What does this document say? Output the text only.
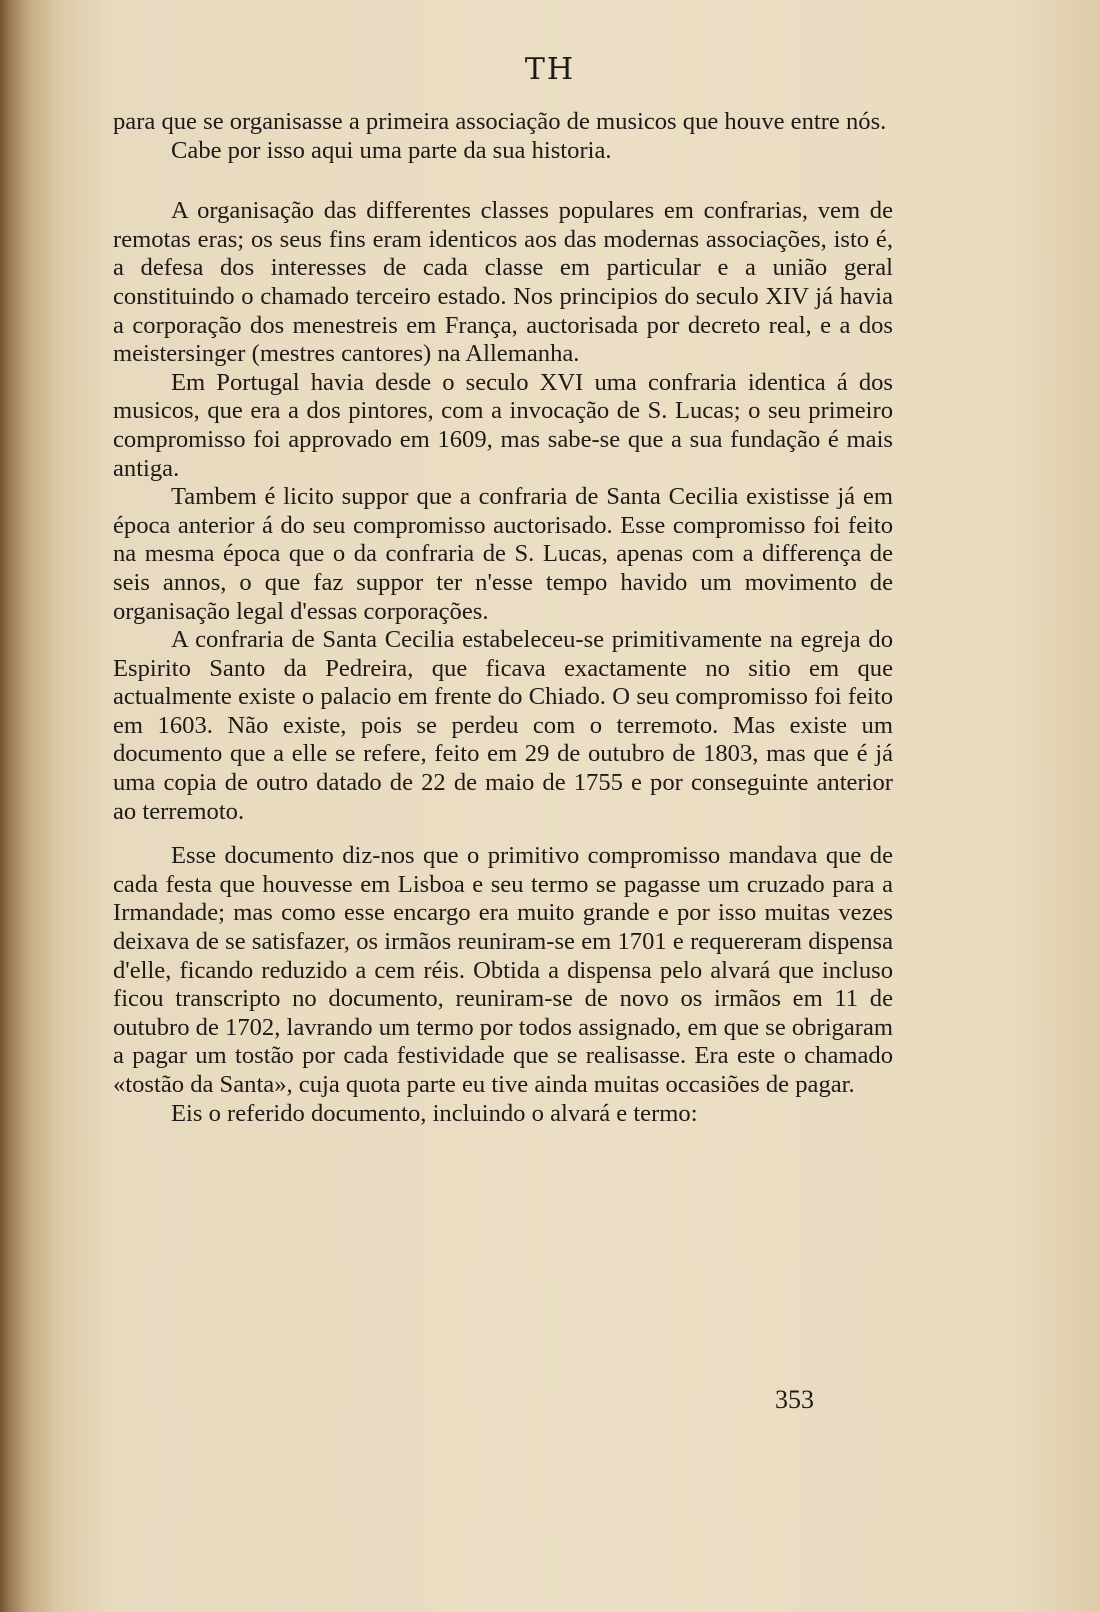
TH

para que se organisasse a primeira associação de musicos que houve entre nós.

Cabe por isso aqui uma parte da sua historia.

A organisação das differentes classes populares em confrarias, vem de remotas eras; os seus fins eram identicos aos das modernas associações, isto é, a defesa dos interesses de cada classe em particular e a união geral constituindo o chamado terceiro estado. Nos principios do seculo XIV já havia a corporação dos menestreis em França, auctorisada por decreto real, e a dos meistersinger (mestres cantores) na Allemanha.

Em Portugal havia desde o seculo XVI uma confraria identica á dos musicos, que era a dos pintores, com a invocação de S. Lucas; o seu primeiro compromisso foi approvado em 1609, mas sabe-se que a sua fundação é mais antiga.

Tambem é licito suppor que a confraria de Santa Cecilia existisse já em época anterior á do seu compromisso auctorisado. Esse compromisso foi feito na mesma época que o da confraria de S. Lucas, apenas com a differença de seis annos, o que faz suppor ter n'esse tempo havido um movimento de organisação legal d'essas corporações.

A confraria de Santa Cecilia estabeleceu-se primitivamente na egreja do Espirito Santo da Pedreira, que ficava exactamente no sitio em que actualmente existe o palacio em frente do Chiado. O seu compromisso foi feito em 1603. Não existe, pois se perdeu com o terremoto. Mas existe um documento que a elle se refere, feito em 29 de outubro de 1803, mas que é já uma copia de outro datado de 22 de maio de 1755 e por conseguinte anterior ao terremoto.

Esse documento diz-nos que o primitivo compromisso mandava que de cada festa que houvesse em Lisboa e seu termo se pagasse um cruzado para a Irmandade; mas como esse encargo era muito grande e por isso muitas vezes deixava de se satisfazer, os irmãos reuniram-se em 1701 e requereram dispensa d'elle, ficando reduzido a cem réis. Obtida a dispensa pelo alvará que incluso ficou transcripto no documento, reuniram-se de novo os irmãos em 11 de outubro de 1702, lavrando um termo por todos assignado, em que se obrigaram a pagar um tostão por cada festividade que se realisasse. Era este o chamado «tostão da Santa», cuja quota parte eu tive ainda muitas occasiões de pagar.

Eis o referido documento, incluindo o alvará e termo:

353
